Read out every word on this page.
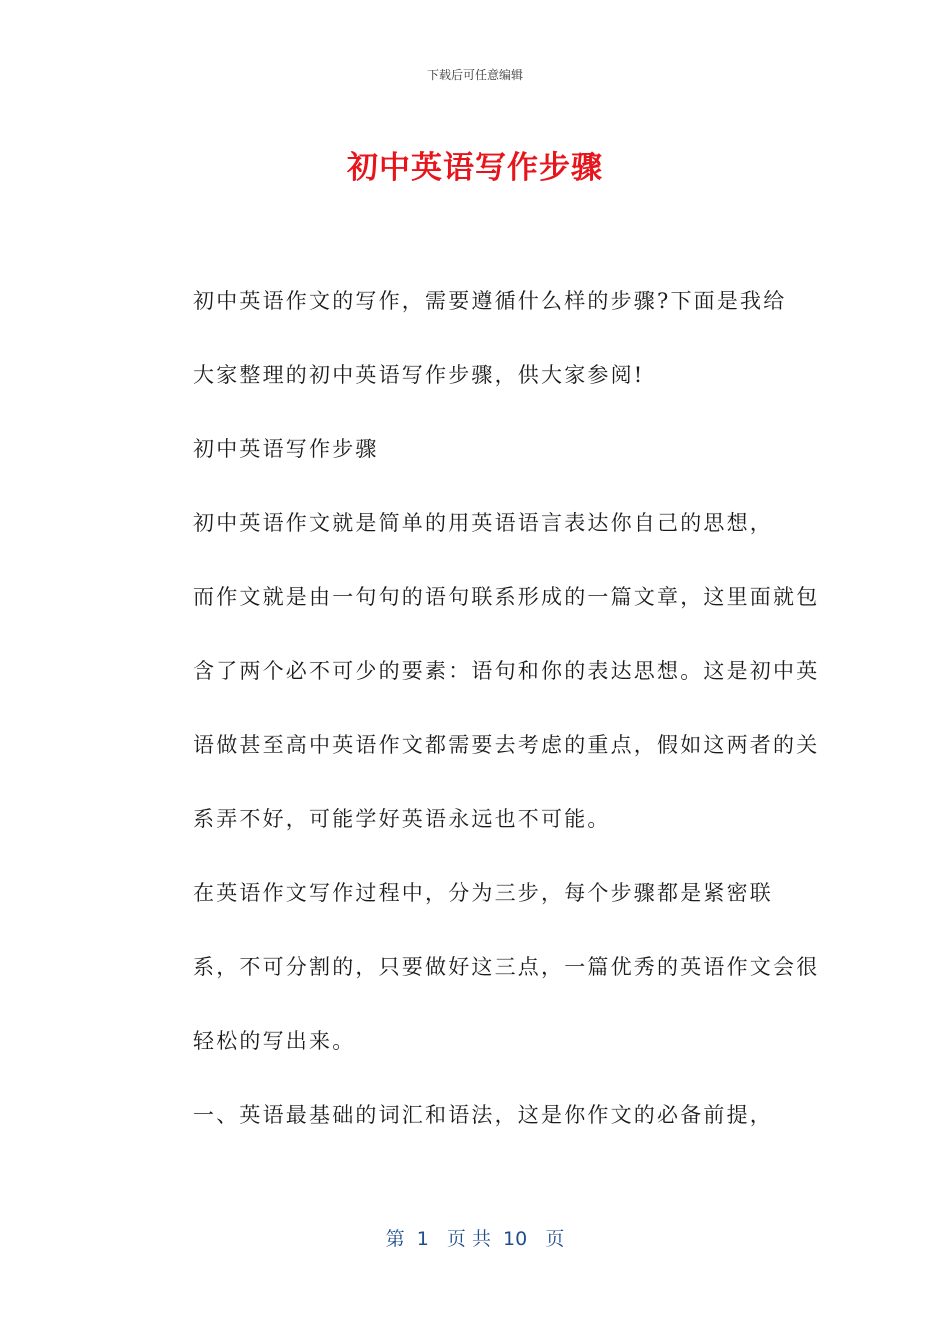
下载后可任意编辑
初中英语写作步骤

初中英语作文的写作，需要遵循什么样的步骤?下面是我给
大家整理的初中英语写作步骤，供大家参阅!

初中英语写作步骤

初中英语作文就是简单的用英语语言表达你自己的思想，
而作文就是由一句句的语句联系形成的一篇文章，这里面就包
含了两个必不可少的要素：语句和你的表达思想。这是初中英
语做甚至高中英语作文都需要去考虑的重点，假如这两者的关
系弄不好，可能学好英语永远也不可能。

在英语作文写作过程中，分为三步，每个步骤都是紧密联
系，不可分割的，只要做好这三点，一篇优秀的英语作文会很
轻松的写出来。

一、英语最基础的词汇和语法，这是你作文的必备前提，

第  1   页 共  10   页
